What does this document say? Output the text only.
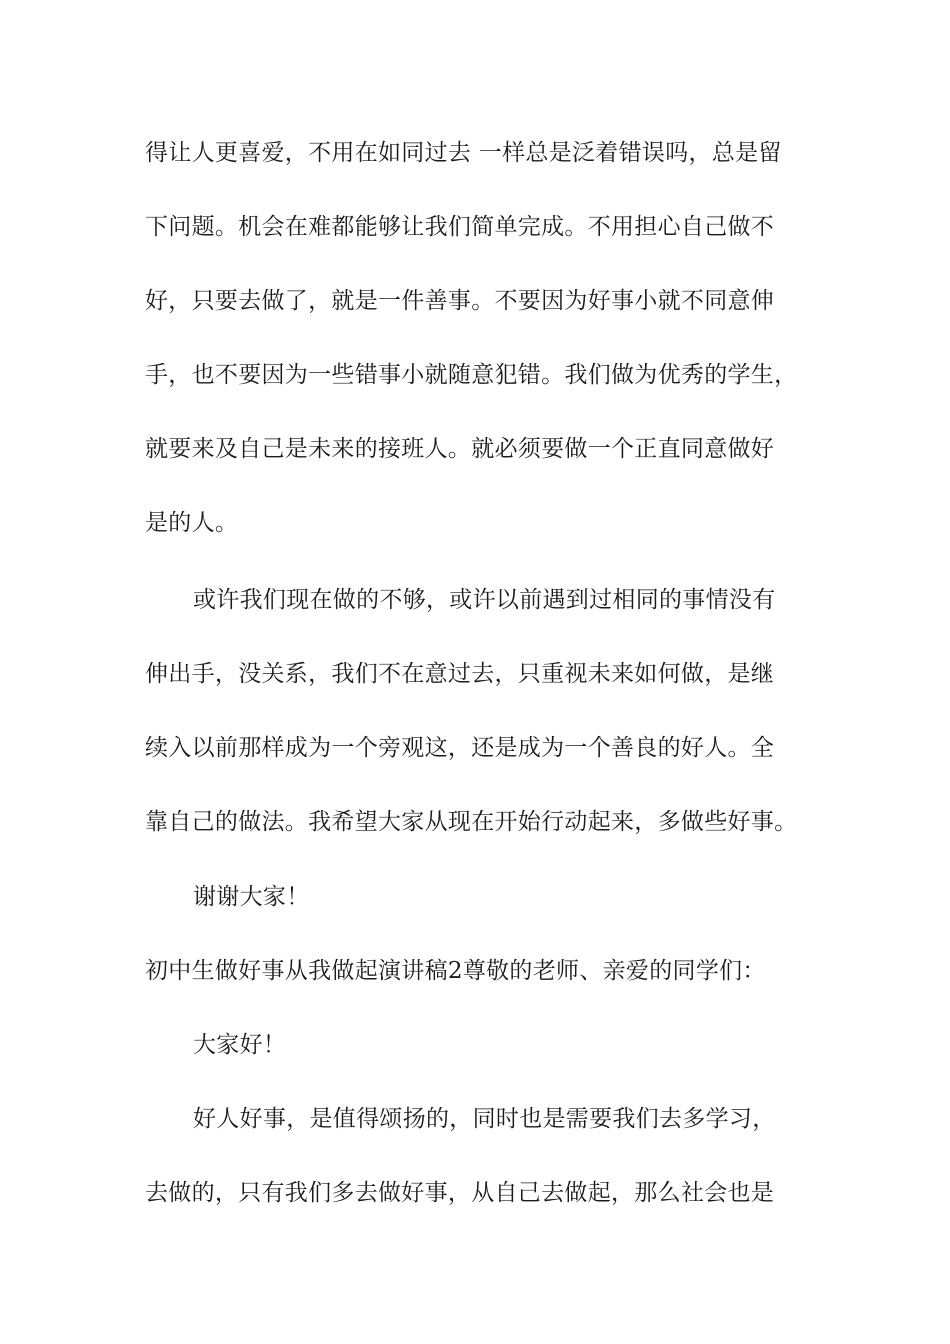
得让人更喜爱，不用在如同过去 一样总是泛着错误吗，总是留
下问题。机会在难都能够让我们简单完成。不用担心自己做不
好，只要去做了，就是一件善事。不要因为好事小就不同意伸
手，也不要因为一些错事小就随意犯错。我们做为优秀的学生，
就要来及自己是未来的接班人。就必须要做一个正直同意做好
是的人。
或许我们现在做的不够，或许以前遇到过相同的事情没有
伸出手，没关系，我们不在意过去，只重视未来如何做，是继
续入以前那样成为一个旁观这，还是成为一个善良的好人。全
靠自己的做法。我希望大家从现在开始行动起来，多做些好事。
谢谢大家！
初中生做好事从我做起演讲稿2尊敬的老师、亲爱的同学们：
大家好！
好人好事，是值得颂扬的，同时也是需要我们去多学习，
去做的，只有我们多去做好事，从自己去做起，那么社会也是
